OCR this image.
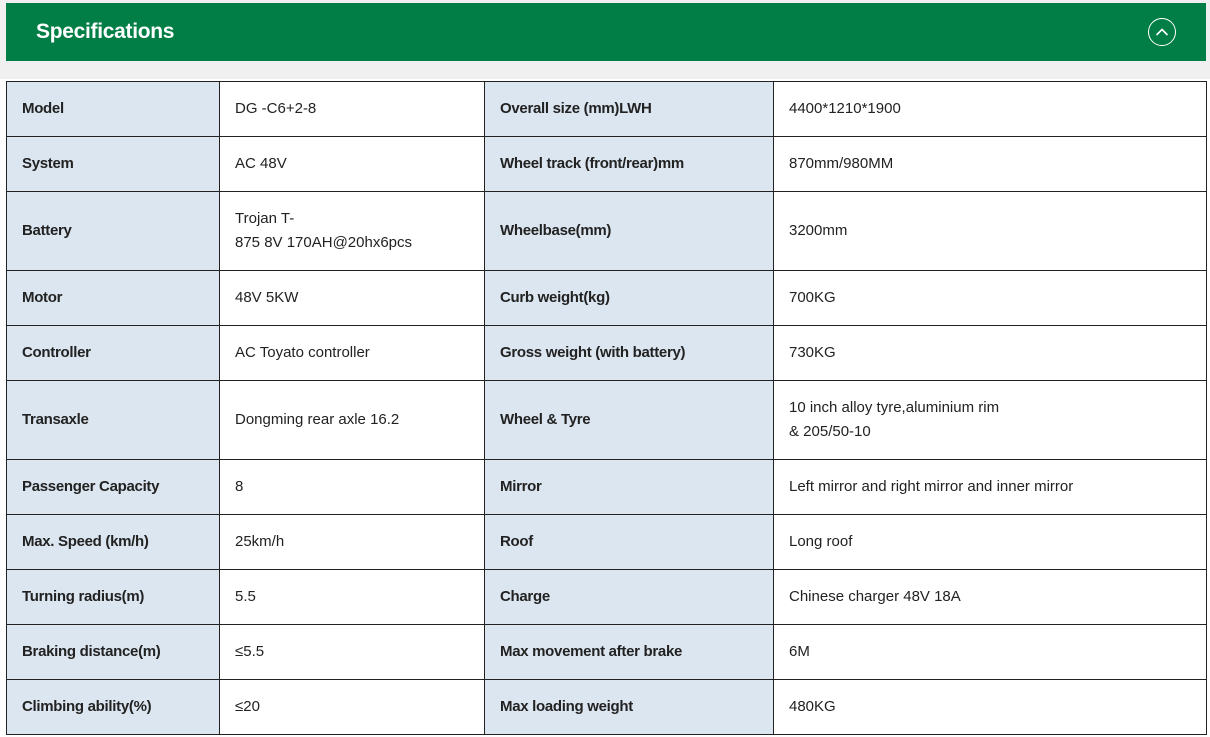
Specifications
Model	DG -C6+2-8	Overall size (mm)LWH	4400*1210*1900
System	AC 48V	Wheel track (front/rear)mm	870mm/980MM
Battery	Trojan T-
875 8V 170AH@20hx6pcs	Wheelbase(mm)	3200mm
Motor	48V 5KW	Curb weight(kg)	700KG
Controller	AC Toyato controller	Gross weight (with battery)	730KG
Transaxle	Dongming rear axle 16.2	Wheel & Tyre	10 inch alloy tyre,aluminium rim
& 205/50-10
Passenger Capacity	8	Mirror	Left mirror and right mirror and inner mirror
Max. Speed (km/h)	25km/h	Roof	Long roof
Turning radius(m)	5.5	Charge	Chinese charger 48V 18A
Braking distance(m)	≤5.5	Max movement after brake	6M
Climbing ability(%)	≤20	Max loading weight	480KG
